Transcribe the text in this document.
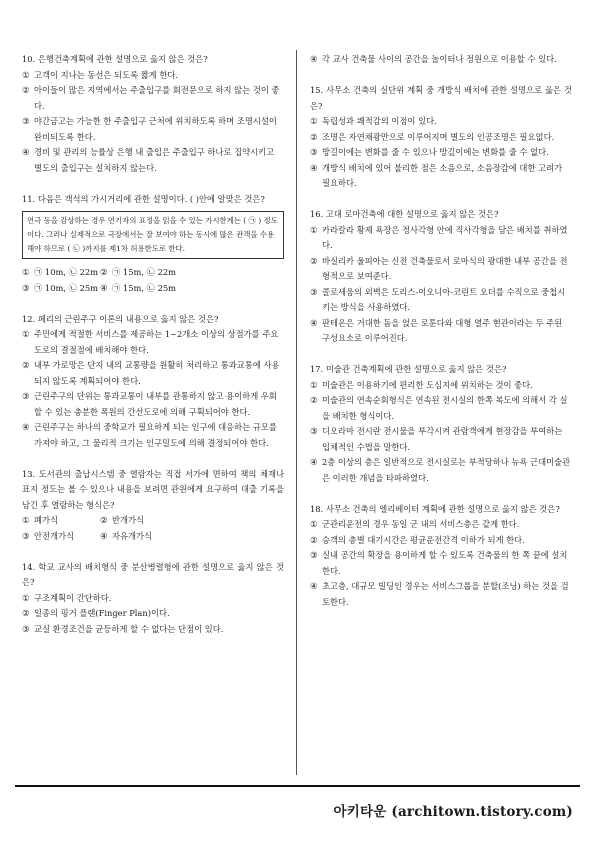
10. 은행건축계획에 관한 설명으로 옳지 않은 것은?
① 고객이 지나는 동선은 되도록 짧게 한다.
② 아이들이 많은 지역에서는 주출입구를 회전문으로 하지 않는 것이 좋다.
③ 야간금고는 가능한 한 주출입구 근처에 위치하도록 하며 조명시설이 완비되도록 한다.
④ 경비 및 관리의 능률상 은행 내 출입은 주출입구 하나로 집약시키고 별도의 출입구는 설치하지 않는다.
11. 다음은 객석의 가시거리에 관한 설명이다. ( )안에 알맞은 것은?
연극 등을 감상하는 경우 연기자의 표정을 읽을 수 있는 가시한계는 ( ㉠ ) 정도이다. 그러나 실제적으로 극장에서는 잘 보여야 하는 동시에 많은 관객을 수용해야 하므로 ( ㉡ )까지를 제1차 허용한도로 한다.
① ㉠ 10m, ㉡ 22m ② ㉠ 15m, ㉡ 22m
③ ㉠ 10m, ㉡ 25m ④ ㉠ 15m, ㉡ 25m
12. 페리의 근린주구 이론의 내용으로 옳지 않은 것은?
① 주민에게 적절한 서비스를 제공하는 1~2개소 이상의 상점가를 주요도로의 결절점에 배치해야 한다.
② 내부 가로망은 단지 내의 교통량을 원활히 처리하고 통과교통에 사용되지 않도록 계획되어야 한다.
③ 근린주구의 단위는 통과교통이 내부를 관통하지 않고 용이하게 우회할 수 있는 충분한 폭원의 간선도로에 의해 구획되어야 한다.
④ 근린주구는 하나의 중학교가 필요하게 되는 인구에 대응하는 규모를 가져야 하고, 그 물리적 크기는 인구밀도에 의해 결정되어야 한다.
13. 도서관의 출납시스템 중 열람자는 직접 서가에 면하여 책의 체재나 표지 정도는 볼 수 있으나 내용을 보려면 관원에게 요구하여 대출 기록을 남긴 후 열람하는 형식은?
① 폐가식	② 반개가식
③ 안전개가식	④ 자유개가식
14. 학교 교사의 배치형식 중 분산병렬형에 관한 설명으로 옳지 않은 것은?
① 구조계획이 간단하다.
② 일종의 핑거 플랜(Finger Plan)이다.
③ 교실 환경조건을 균등하게 할 수 없다는 단점이 있다.
④ 각 교사 건축물 사이의 공간을 놀이터나 정원으로 이용할 수 있다.
15. 사무소 건축의 실단위 계획 중 개방식 배치에 관한 설명으로 옳은 것은?
① 독립성과 쾌적감의 이점이 있다.
② 조명은 자연채광만으로 이루어지며 별도의 인공조명은 필요없다.
③ 방길이에는 변화를 줄 수 있으나 방깊이에는 변화를 줄 수 없다.
④ 개방식 배치에 있어 불리한 점은 소음으로, 소음장감에 대한 고려가 필요하다.
16. 고대 로마건축에 대한 설명으로 옳지 않은 것은?
① 카라칼라 황제 욕장은 정사각형 안에 직사각형을 담은 배치를 취하였다.
② 바실리카 울피아는 신전 건축물로서 로마식의 광대한 내부 공간을 전형적으로 보여준다.
③ 콜로세움의 외벽은 도리스-이오니아-코린트 오더를 수직으로 중첩시키는 방식을 사용하였다.
④ 판테온은 거대한 돔을 얹은 로툰다와 대형 열주 현관이라는 두 주된 구성요소로 이루어진다.
17. 미술관 건축계획에 관한 설명으로 옳지 않은 것은?
① 미술관은 이용하기에 편리한 도심지에 위치하는 것이 좋다.
② 미술관의 연속순회형식은 연속된 전시실의 한쪽 복도에 의해서 각 실을 배치한 형식이다.
③ 디오라마 전시란 전시물을 부각시켜 관람객에게 현장감을 부여하는 입체적인 수법을 말한다.
④ 2층 이상의 층은 일반적으로 전시실로는 부적당하나 뉴욕 근대미술관은 이러한 개념을 타파하였다.
18. 사무소 건축의 엘리베이터 계획에 관한 설명으로 옳지 않은 것은?
① 군관리운전의 경우 동일 군 내의 서비스층은 같게 한다.
② 승객의 층별 대기시간은 평균운전간격 이하가 되게 한다.
③ 실내 공간의 확장을 용이하게 할 수 있도록 건축물의 한 쪽 끝에 설치한다.
④ 초고층, 대규모 빌딩인 경우는 서비스그룹을 분할(조닝) 하는 것을 검토한다.
아키타운 (architown.tistory.com)
